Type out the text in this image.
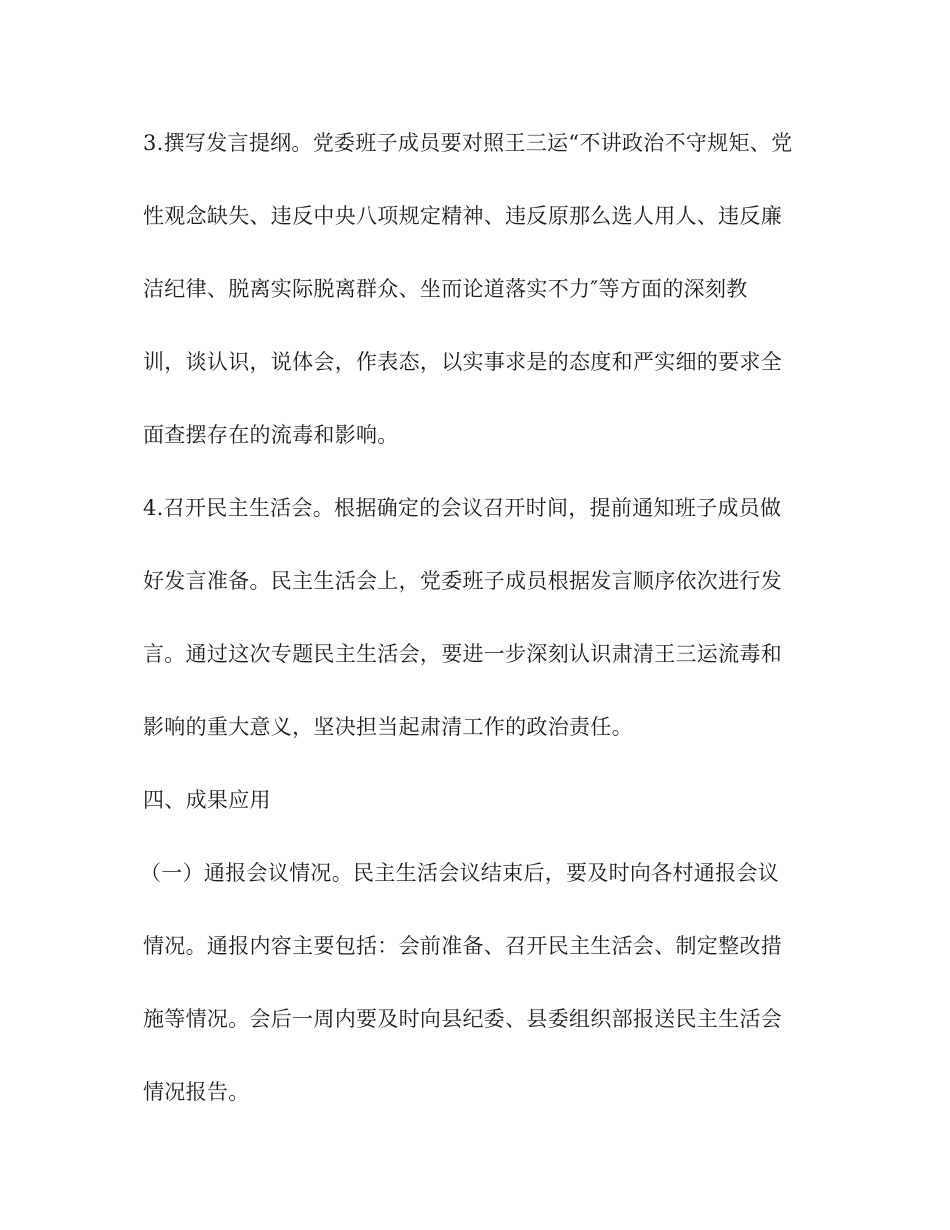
3.撰写发言提纲。党委班子成员要对照王三运“不讲政治不守规矩、党
性观念缺失、违反中央八项规定精神、违反原那么选人用人、违反廉
洁纪律、脱离实际脱离群众、坐而论道落实不力″等方面的深刻教
训，谈认识，说体会，作表态，以实事求是的态度和严实细的要求全
面查摆存在的流毒和影响。
4.召开民主生活会。根据确定的会议召开时间，提前通知班子成员做
好发言准备。民主生活会上，党委班子成员根据发言顺序依次进行发
言。通过这次专题民主生活会，要进一步深刻认识肃清王三运流毒和
影响的重大意义，坚决担当起肃清工作的政治责任。
四、成果应用
（一）通报会议情况。民主生活会议结束后，要及时向各村通报会议
情况。通报内容主要包括：会前准备、召开民主生活会、制定整改措
施等情况。会后一周内要及时向县纪委、县委组织部报送民主生活会
情况报告。
